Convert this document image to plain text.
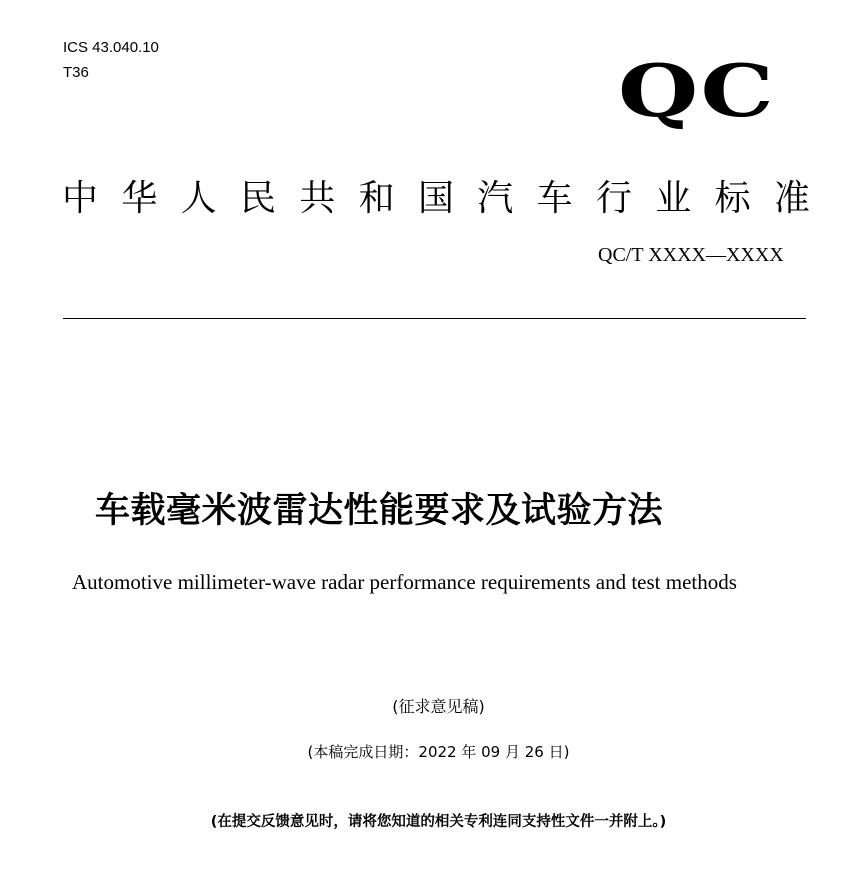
ICS 43.040.10
T36	QC
中 华 人 民 共 和 国 汽 车 行 业 标 准
QC/T XXXX—XXXX
车载毫米波雷达性能要求及试验方法
Automotive millimeter-wave radar performance requirements and test methods
(征求意见稿)
(本稿完成日期：2022 年 09 月 26 日)
(在提交反馈意见时，请将您知道的相关专利连同支持性文件一并附上。)
